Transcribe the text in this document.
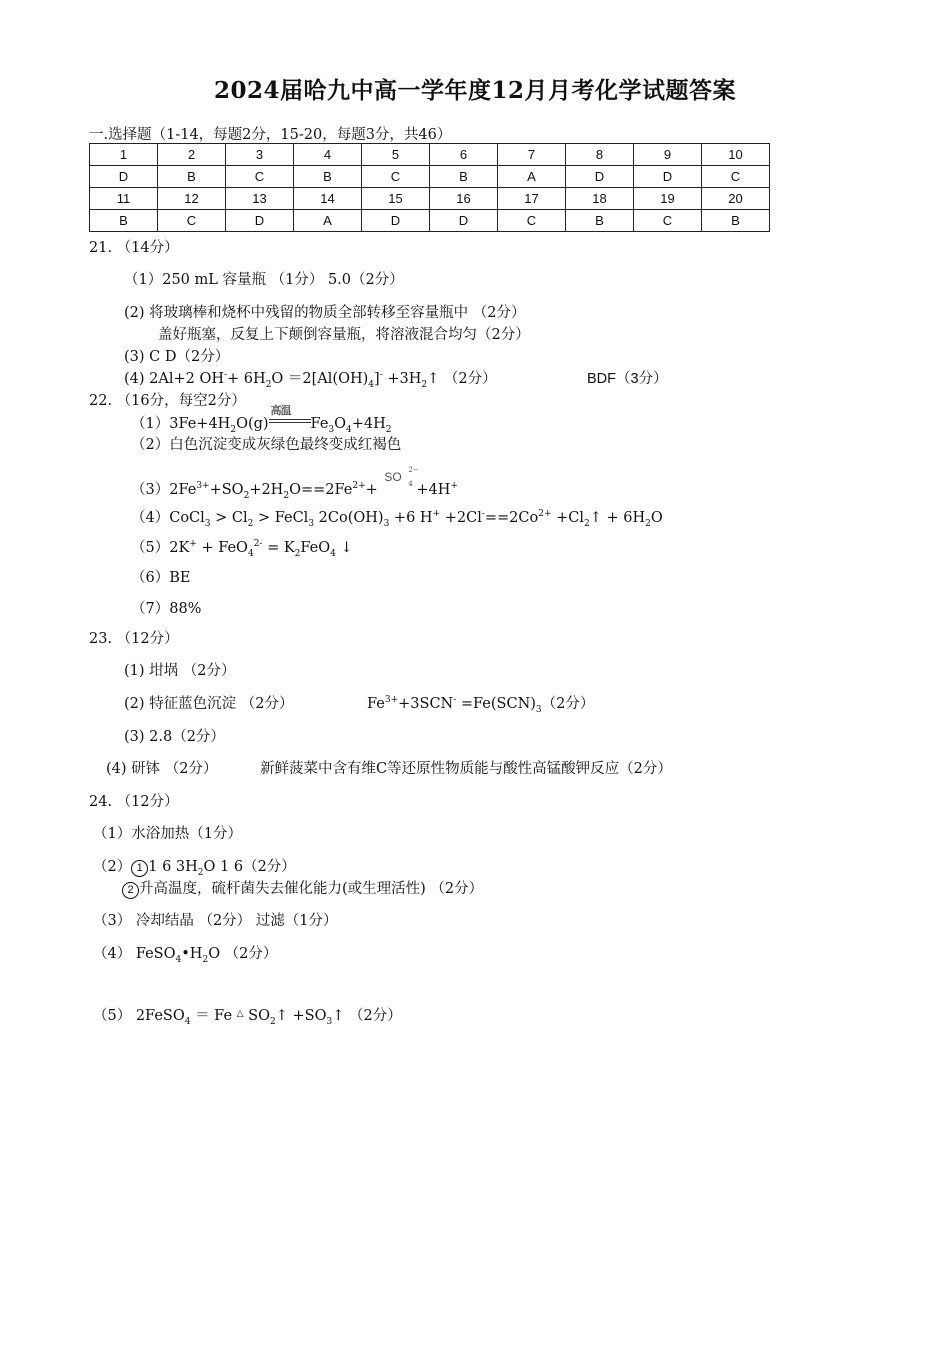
2024届哈九中高一学年度12月月考化学试题答案
一.选择题（1-14，每题2分，15-20，每题3分，共46）
1	2	3	4	5	6	7	8	9	10
D	B	C	B	C	B	A	D	D	C
11	12	13	14	15	16	17	18	19	20
B	C	D	A	D	D	C	B	C	B
21. （14分）
（1）250 mL 容量瓶 （1分） 5.0（2分）
(2) 将玻璃棒和烧杯中残留的物质全部转移至容量瓶中 （2分）
盖好瓶塞，反复上下颠倒容量瓶，将溶液混合均匀（2分）
(3) C D（2分）
(4) 2Al+2 $OH^-+ 6H_2O =2[Al(OH)_4]^-$ $+3H_2↑$ （2分）	BDF（3分）
22. （16分，每空2分）
$(1)3Fe+4H_2O(g)$
高温
$Fe_3O_4+4H_2$
（2）白色沉淀变成灰绿色最终变成红褐色
$(3)2Fe^{3+}+SO_2+2H_2O==2Fe^{2+}+$
SO 2−
4 +4H+
（4）CoCl$_3$ > $Cl_2$ > FeCl$_3$ $2Co(OH)_3 +6$ $H^+ +2Cl^-==2Co^{2+}$ $+Cl_2↑ + 6H_2O$
$(5)2K^+ + FeO_4^{2-} = K_2FeO_4$ ↓
（6）BE
（7）88%
23. （12分）
(1) 坩埚 （2分）
(2) 特征蓝色沉淀 （2分）	$Fe^{3+}+3SCN^- =Fe(SCN)_3(2$分）
(3) 2.8（2分）
(4) 研钵 （2分）	新鲜菠菜中含有维C等还原性物质能与酸性高锰酸钾反应（2分）
24. （12分）
（1）水浴加热（1分）
（2） 1 1 6 $3H_2O$ 1 6（2分）
2 升高温度，硫杆菌失去催化能力(或生理活性) （2分）
（3） 冷却结晶 （2分） 过滤（1分）
（4） $FeSO_4•H_2O$ （2分）
（5） 2FeSO$_4$ ＝ Fe △ $SO_2↑$ $+SO_3↑$ （2分）
